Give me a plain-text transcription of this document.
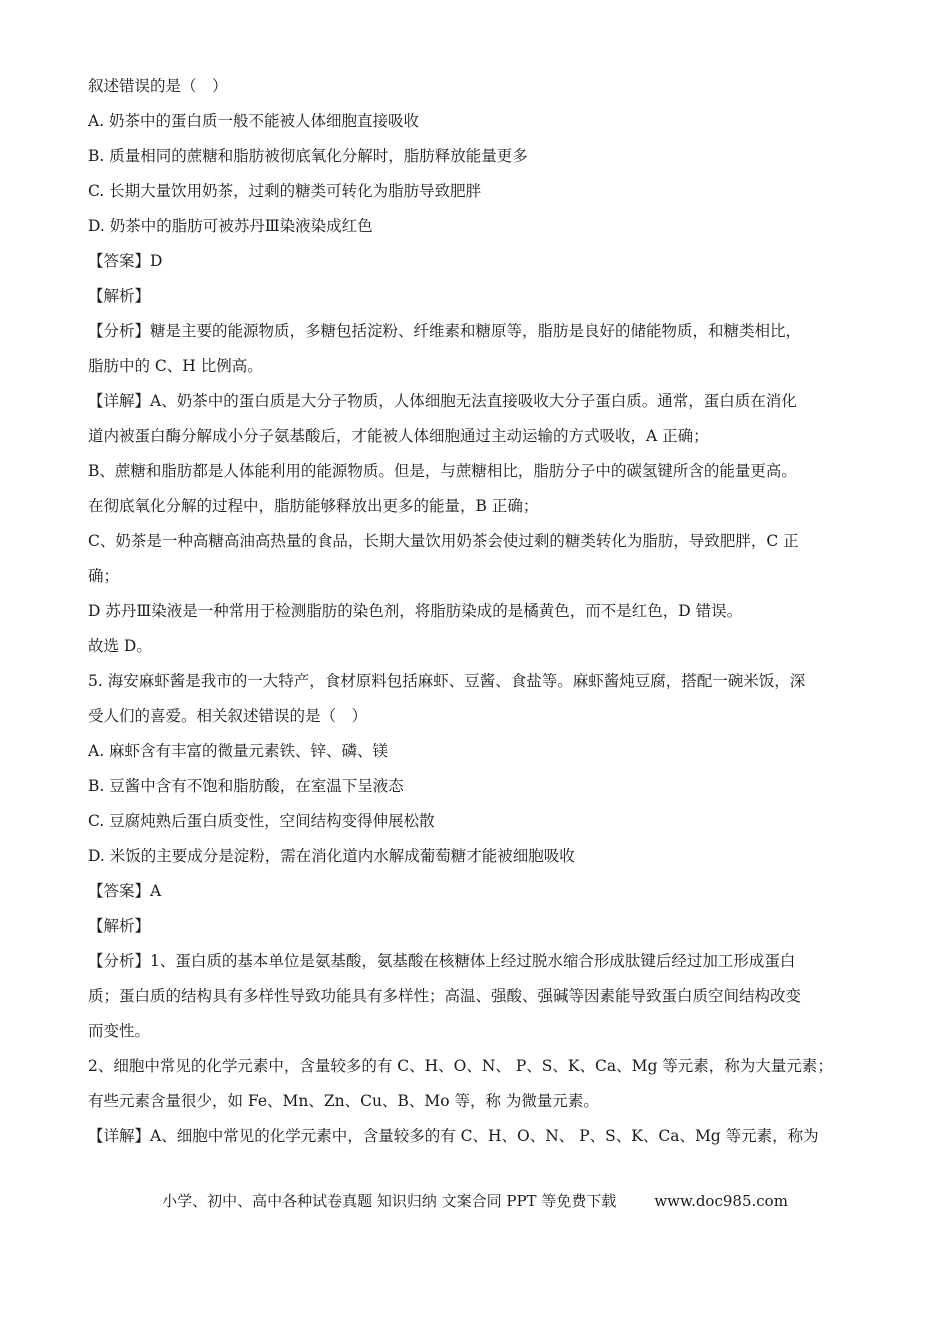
叙述错误的是（　）

A. 奶茶中的蛋白质一般不能被人体细胞直接吸收

B. 质量相同的蔗糖和脂肪被彻底氧化分解时，脂肪释放能量更多

C. 长期大量饮用奶茶，过剩的糖类可转化为脂肪导致肥胖

D. 奶茶中的脂肪可被苏丹Ⅲ染液染成红色

【答案】D

【解析】

【分析】糖是主要的能源物质，多糖包括淀粉、纤维素和糖原等，脂肪是良好的储能物质，和糖类相比，

脂肪中的 C、H 比例高。

【详解】A、奶茶中的蛋白质是大分子物质，人体细胞无法直接吸收大分子蛋白质。通常，蛋白质在消化

道内被蛋白酶分解成小分子氨基酸后，才能被人体细胞通过主动运输的方式吸收，A 正确；

B、蔗糖和脂肪都是人体能利用的能源物质。但是，与蔗糖相比，脂肪分子中的碳氢键所含的能量更高。

在彻底氧化分解的过程中，脂肪能够释放出更多的能量，B 正确；

C、奶茶是一种高糖高油高热量的食品，长期大量饮用奶茶会使过剩的糖类转化为脂肪，导致肥胖，C 正

确；

D 苏丹Ⅲ染液是一种常用于检测脂肪的染色剂，将脂肪染成的是橘黄色，而不是红色，D 错误。

故选 D。

5. 海安麻虾酱是我市的一大特产，食材原料包括麻虾、豆酱、食盐等。麻虾酱炖豆腐，搭配一碗米饭，深

受人们的喜爱。相关叙述错误的是（　）

A. 麻虾含有丰富的微量元素铁、锌、磷、镁

B. 豆酱中含有不饱和脂肪酸，在室温下呈液态

C. 豆腐炖熟后蛋白质变性，空间结构变得伸展松散

D. 米饭的主要成分是淀粉，需在消化道内水解成葡萄糖才能被细胞吸收

【答案】A

【解析】

【分析】1、蛋白质的基本单位是氨基酸，氨基酸在核糖体上经过脱水缩合形成肽键后经过加工形成蛋白

质；蛋白质的结构具有多样性导致功能具有多样性；高温、强酸、强碱等因素能导致蛋白质空间结构改变

而变性。

2、细胞中常见的化学元素中，含量较多的有 C、H、O、N、 P、S、K、Ca、Mg 等元素，称为大量元素；

有些元素含量很少，如 Fe、Mn、Zn、Cu、B、Mo 等，称 为微量元素。

【详解】A、细胞中常见的化学元素中，含量较多的有 C、H、O、N、 P、S、K、Ca、Mg 等元素，称为

小学、初中、高中各种试卷真题 知识归纳 文案合同 PPT 等免费下载	www.doc985.com
